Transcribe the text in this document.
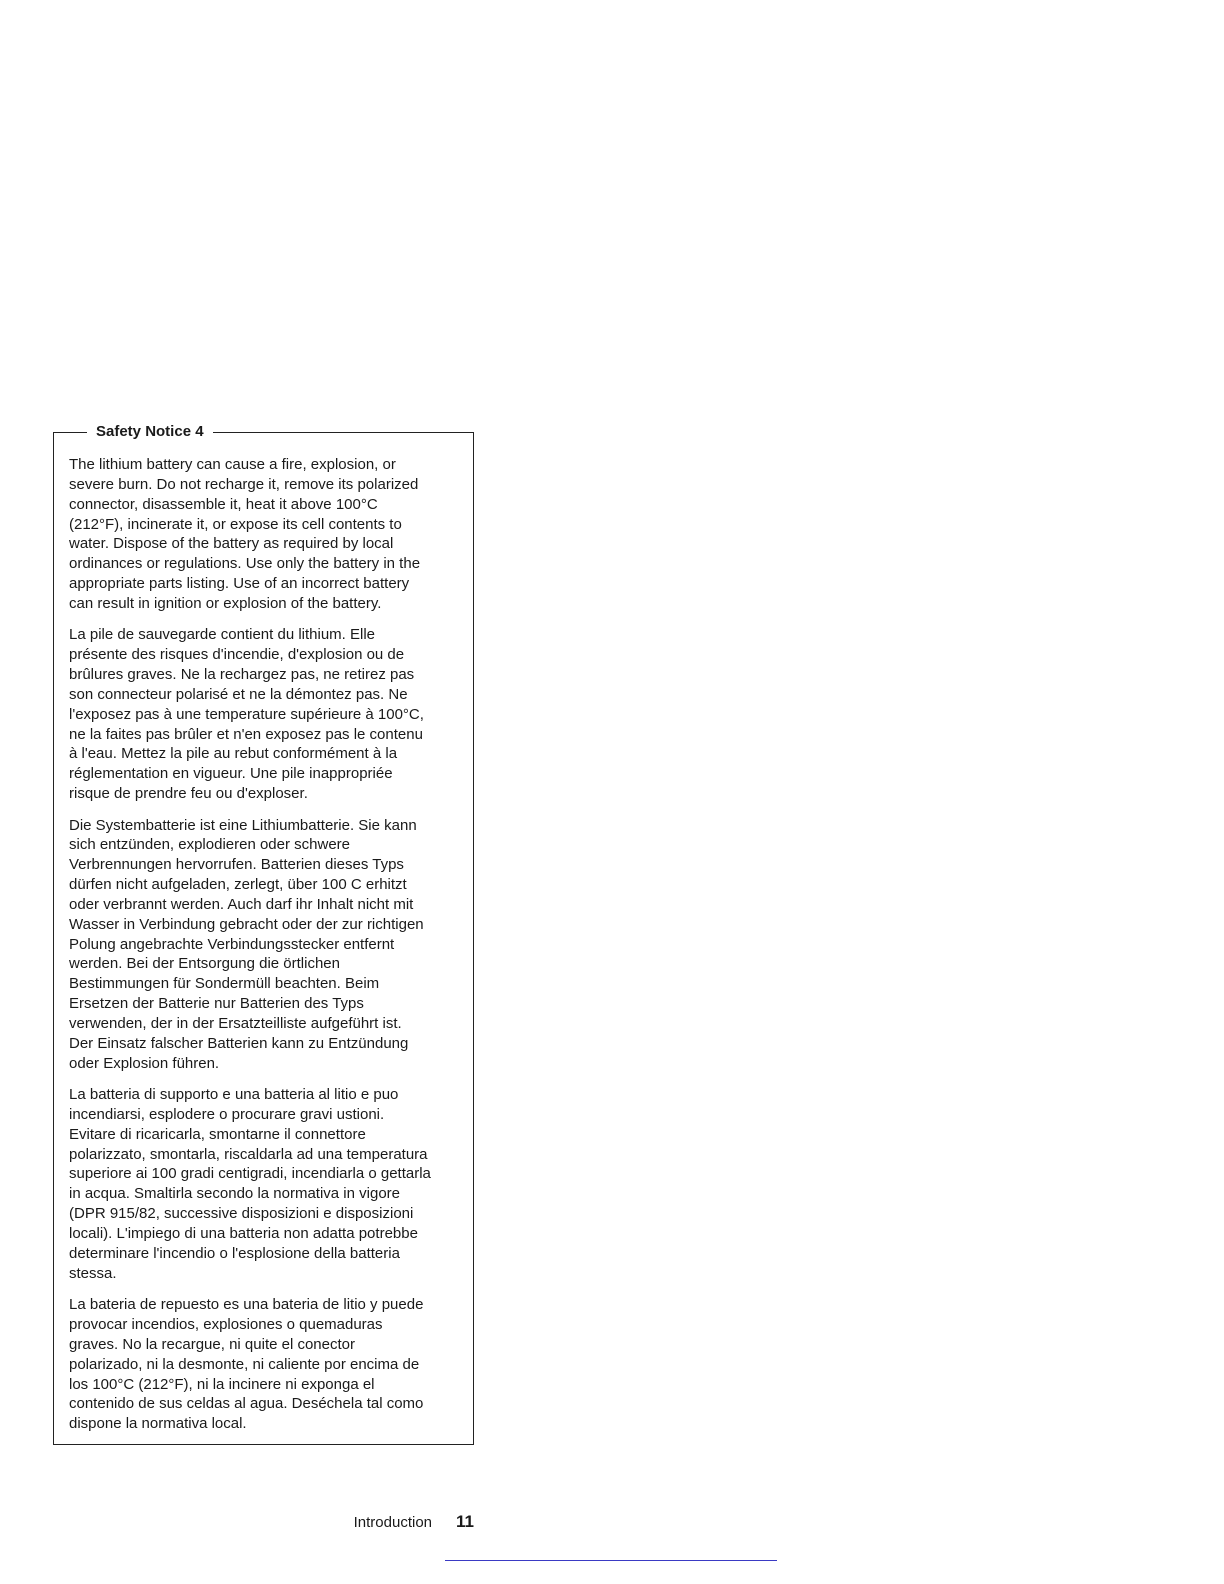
Safety Notice 4
The lithium battery can cause a fire, explosion, or
severe burn. Do not recharge it, remove its polarized
connector, disassemble it, heat it above 100°C
(212°F), incinerate it, or expose its cell contents to
water. Dispose of the battery as required by local
ordinances or regulations. Use only the battery in the
appropriate parts listing. Use of an incorrect battery
can result in ignition or explosion of the battery.
La pile de sauvegarde contient du lithium. Elle
présente des risques d'incendie, d'explosion ou de
brûlures graves. Ne la rechargez pas, ne retirez pas
son connecteur polarisé et ne la démontez pas. Ne
l'exposez pas à une temperature supérieure à 100°C,
ne la faites pas brûler et n'en exposez pas le contenu
à l'eau. Mettez la pile au rebut conformément à la
réglementation en vigueur. Une pile inappropriée
risque de prendre feu ou d'exploser.
Die Systembatterie ist eine Lithiumbatterie. Sie kann
sich entzünden, explodieren oder schwere
Verbrennungen hervorrufen. Batterien dieses Typs
dürfen nicht aufgeladen, zerlegt, über 100 C erhitzt
oder verbrannt werden. Auch darf ihr Inhalt nicht mit
Wasser in Verbindung gebracht oder der zur richtigen
Polung angebrachte Verbindungsstecker entfernt
werden. Bei der Entsorgung die örtlichen
Bestimmungen für Sondermüll beachten. Beim
Ersetzen der Batterie nur Batterien des Typs
verwenden, der in der Ersatzteilliste aufgeführt ist.
Der Einsatz falscher Batterien kann zu Entzündung
oder Explosion führen.
La batteria di supporto e una batteria al litio e puo
incendiarsi, esplodere o procurare gravi ustioni.
Evitare di ricaricarla, smontarne il connettore
polarizzato, smontarla, riscaldarla ad una temperatura
superiore ai 100 gradi centigradi, incendiarla o gettarla
in acqua. Smaltirla secondo la normativa in vigore
(DPR 915/82, successive disposizioni e disposizioni
locali). L'impiego di una batteria non adatta potrebbe
determinare l'incendio o l'esplosione della batteria
stessa.
La bateria de repuesto es una bateria de litio y puede
provocar incendios, explosiones o quemaduras
graves. No la recargue, ni quite el conector
polarizado, ni la desmonte, ni caliente por encima de
los 100°C (212°F), ni la incinere ni exponga el
contenido de sus celdas al agua. Deséchela tal como
dispone la normativa local.
Introduction 11
